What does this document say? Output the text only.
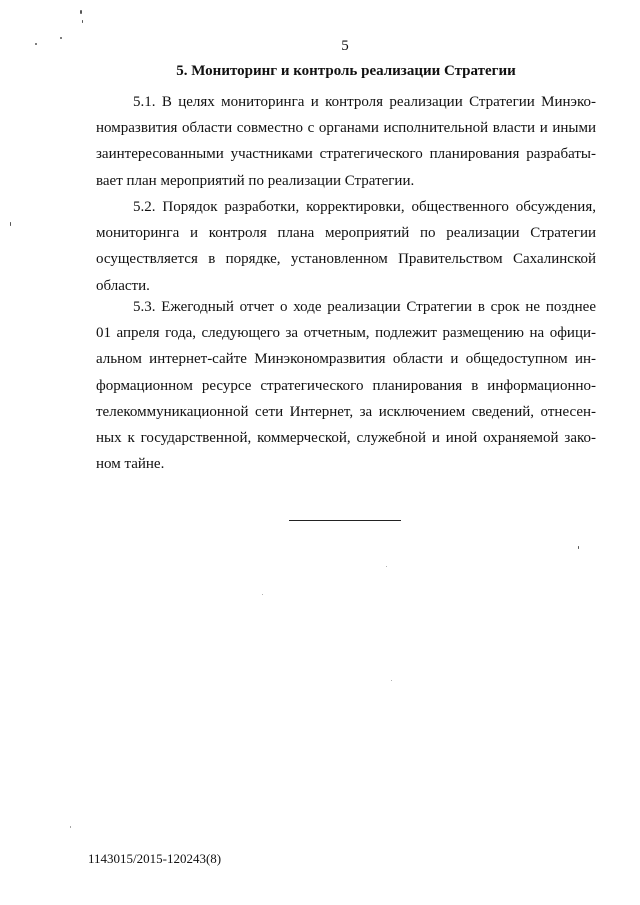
5
5. Мониторинг и контроль реализации Стратегии
5.1. В целях мониторинга и контроля реализации Стратегии Минэко-
номразвития области совместно с органами исполнительной власти и иными
заинтересованными участниками стратегического планирования разрабаты-
вает план мероприятий по реализации Стратегии.
5.2. Порядок разработки, корректировки, общественного обсуждения,
мониторинга и контроля плана мероприятий по реализации Стратегии
осуществляется в порядке, установленном Правительством Сахалинской
области.
5.3. Ежегодный отчет о ходе реализации Стратегии в срок не позднее
01 апреля года, следующего за отчетным, подлежит размещению на офици-
альном интернет-сайте Минэкономразвития области и общедоступном ин-
формационном ресурсе стратегического планирования в информационно-
телекоммуникационной сети Интернет, за исключением сведений, отнесен-
ных к государственной, коммерческой, служебной и иной охраняемой зако-
ном тайне.
1143015/2015-120243(8)
